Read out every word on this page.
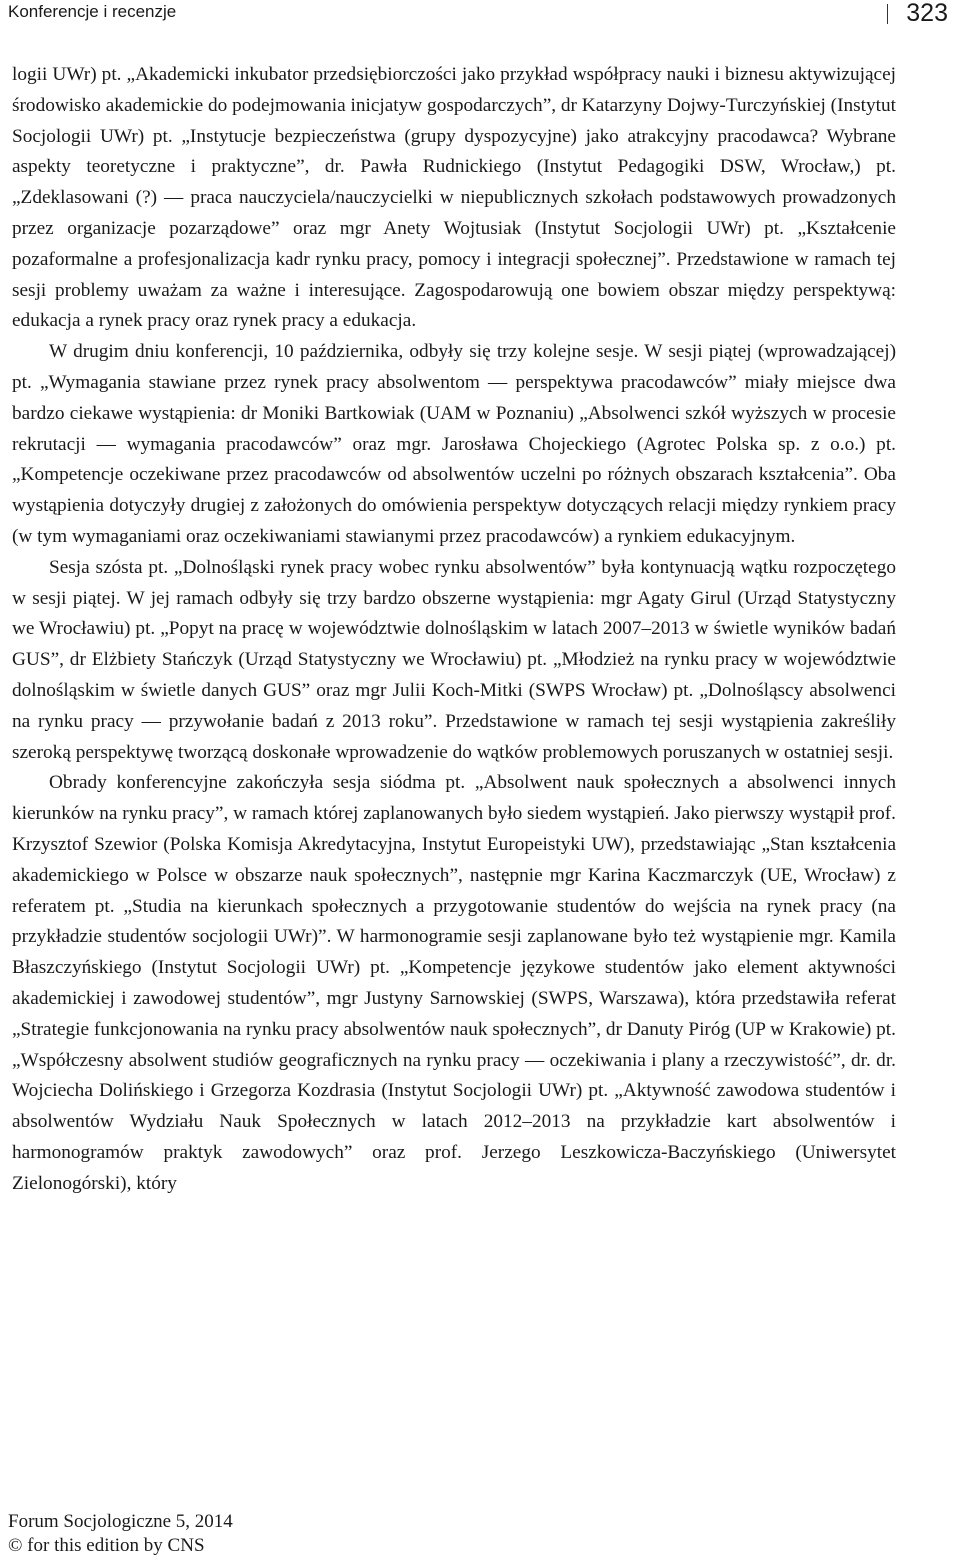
Konferencje i recenzje	323

logii UWr) pt. „Akademicki inkubator przedsiębiorczości jako przykład współpracy nauki i biznesu aktywizującej środowisko akademickie do podejmowania inicjatyw gospodarczych”, dr Katarzyny Dojwy-Turczyńskiej (Instytut Socjologii UWr) pt. „Instytucje bezpieczeństwa (grupy dyspozycyjne) jako atrakcyjny pracodawca? Wybrane aspekty teoretyczne i praktyczne”, dr. Pawła Rudnickiego (Instytut Pedagogiki DSW, Wrocław,) pt. „Zdeklasowani (?) — praca nauczyciela/nauczycielki w niepublicznych szkołach podstawowych prowadzonych przez organizacje pozarządowe” oraz mgr Anety Wojtusiak (Instytut Socjologii UWr) pt. „Kształcenie pozaformalne a profesjonalizacja kadr rynku pracy, pomocy i integracji społecznej”. Przedstawione w ramach tej sesji problemy uważam za ważne i interesujące. Zagospodarowują one bowiem obszar między perspektywą: edukacja a rynek pracy oraz rynek pracy a edukacja.

W drugim dniu konferencji, 10 października, odbyły się trzy kolejne sesje. W sesji piątej (wprowadzającej) pt. „Wymagania stawiane przez rynek pracy absolwentom — perspektywa pracodawców” miały miejsce dwa bardzo ciekawe wystąpienia: dr Moniki Bartkowiak (UAM w Poznaniu) „Absolwenci szkół wyższych w procesie rekrutacji — wymagania pracodawców” oraz mgr. Jarosława Chojeckiego (Agrotec Polska sp. z o.o.) pt. „Kompetencje oczekiwane przez pracodawców od absolwentów uczelni po różnych obszarach kształcenia”. Oba wystąpienia dotyczyły drugiej z założonych do omówienia perspektyw dotyczących relacji między rynkiem pracy (w tym wymaganiami oraz oczekiwaniami stawianymi przez pracodawców) a rynkiem edukacyjnym.

Sesja szósta pt. „Dolnośląski rynek pracy wobec rynku absolwentów” była kontynuacją wątku rozpoczętego w sesji piątej. W jej ramach odbyły się trzy bardzo obszerne wystąpienia: mgr Agaty Girul (Urząd Statystyczny we Wrocławiu) pt. „Popyt na pracę w województwie dolnośląskim w latach 2007–2013 w świetle wyników badań GUS”, dr Elżbiety Stańczyk (Urząd Statystyczny we Wrocławiu) pt. „Młodzież na rynku pracy w województwie dolnośląskim w świetle danych GUS” oraz mgr Julii Koch-Mitki (SWPS Wrocław) pt. „Dolnośląscy absolwenci na rynku pracy — przywołanie badań z 2013 roku”. Przedstawione w ramach tej sesji wystąpienia zakreśliły szeroką perspektywę tworzącą doskonałe wprowadzenie do wątków problemowych poruszanych w ostatniej sesji.

Obrady konferencyjne zakończyła sesja siódma pt. „Absolwent nauk społecznych a absolwenci innych kierunków na rynku pracy”, w ramach której zaplanowanych było siedem wystąpień. Jako pierwszy wystąpił prof. Krzysztof Szewior (Polska Komisja Akredytacyjna, Instytut Europeistyki UW), przedstawiając „Stan kształcenia akademickiego w Polsce w obszarze nauk społecznych”, następnie mgr Karina Kaczmarczyk (UE, Wrocław) z referatem pt. „Studia na kierunkach społecznych a przygotowanie studentów do wejścia na rynek pracy (na przykładzie studentów socjologii UWr)”. W harmonogramie sesji zaplanowane było też wystąpienie mgr. Kamila Błaszczyńskiego (Instytut Socjologii UWr) pt. „Kompetencje językowe studentów jako element aktywności akademickiej i zawodowej studentów”, mgr Justyny Sarnowskiej (SWPS, Warszawa), która przedstawiła referat „Strategie funkcjonowania na rynku pracy absolwentów nauk społecznych”, dr Danuty Piróg (UP w Krakowie) pt. „Współczesny absolwent studiów geograficznych na rynku pracy — oczekiwania i plany a rzeczywistość”, dr. dr. Wojciecha Dolińskiego i Grzegorza Kozdrasia (Instytut Socjologii UWr) pt. „Aktywność zawodowa studentów i absolwentów Wydziału Nauk Społecznych w latach 2012–2013 na przykładzie kart absolwentów i harmonogramów praktyk zawodowych” oraz prof. Jerzego Leszkowicza-Baczyńskiego (Uniwersytet Zielonogórski), który

Forum Socjologiczne 5, 2014
© for this edition by CNS
